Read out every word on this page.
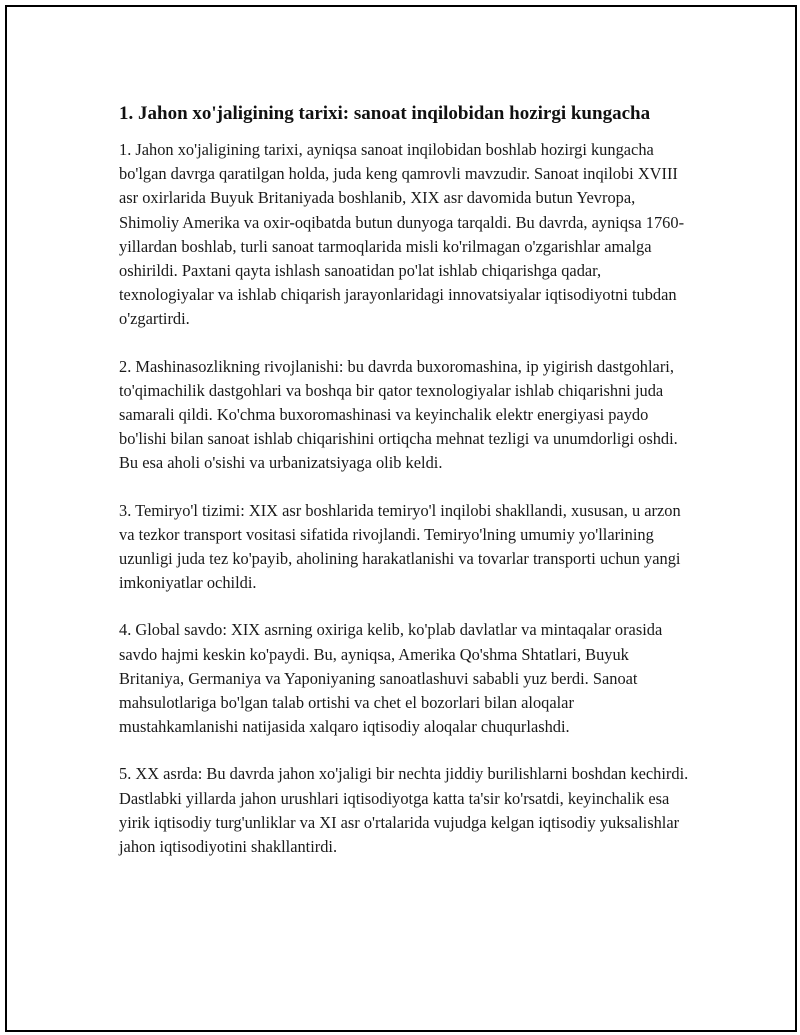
1. Jahon xo'jaligining tarixi: sanoat inqilobidan hozirgi kungacha

1. Jahon xo'jaligining tarixi, ayniqsa sanoat inqilobidan boshlab hozirgi kungacha bo'lgan davrga qaratilgan holda, juda keng qamrovli mavzudir. Sanoat inqilobi XVIII asr oxirlarida Buyuk Britaniyada boshlanib, XIX asr davomida butun Yevropa, Shimoliy Amerika va oxir-oqibatda butun dunyoga tarqaldi. Bu davrda, ayniqsa 1760-yillardan boshlab, turli sanoat tarmoqlarida misli ko'rilmagan o'zgarishlar amalga oshirildi. Paxtani qayta ishlash sanoatidan po'lat ishlab chiqarishga qadar, texnologiyalar va ishlab chiqarish jarayonlaridagi innovatsiyalar iqtisodiyotni tubdan o'zgartirdi.

2. Mashinasozlikning rivojlanishi: bu davrda buxoromashina, ip yigirish dastgohlari, to'qimachilik dastgohlari va boshqa bir qator texnologiyalar ishlab chiqarishni juda samarali qildi. Ko'chma buxoromashinasi va keyinchalik elektr energiyasi paydo bo'lishi bilan sanoat ishlab chiqarishini ortiqcha mehnat tezligi va unumdorligi oshdi. Bu esa aholi o'sishi va urbanizatsiyaga olib keldi.

3. Temiryo'l tizimi: XIX asr boshlarida temiryo'l inqilobi shakllandi, xususan, u arzon va tezkor transport vositasi sifatida rivojlandi. Temiryo'lning umumiy yo'llarining uzunligi juda tez ko'payib, aholining harakatlanishi va tovarlar transporti uchun yangi imkoniyatlar ochildi.

4. Global savdo: XIX asrning oxiriga kelib, ko'plab davlatlar va mintaqalar orasida savdo hajmi keskin ko'paydi. Bu, ayniqsa, Amerika Qo'shma Shtatlari, Buyuk Britaniya, Germaniya va Yaponiyaning sanoatlashuvi sababli yuz berdi. Sanoat mahsulotlariga bo'lgan talab ortishi va chet el bozorlari bilan aloqalar mustahkamlanishi natijasida xalqaro iqtisodiy aloqalar chuqurlashdi.

5. XX asrda: Bu davrda jahon xo'jaligi bir nechta jiddiy burilishlarni boshdan kechirdi. Dastlabki yillarda jahon urushlari iqtisodiyotga katta ta'sir ko'rsatdi, keyinchalik esa yirik iqtisodiy turg'unliklar va XI asr o'rtalarida vujudga kelgan iqtisodiy yuksalishlar jahon iqtisodiyotini shakllantirdi.
